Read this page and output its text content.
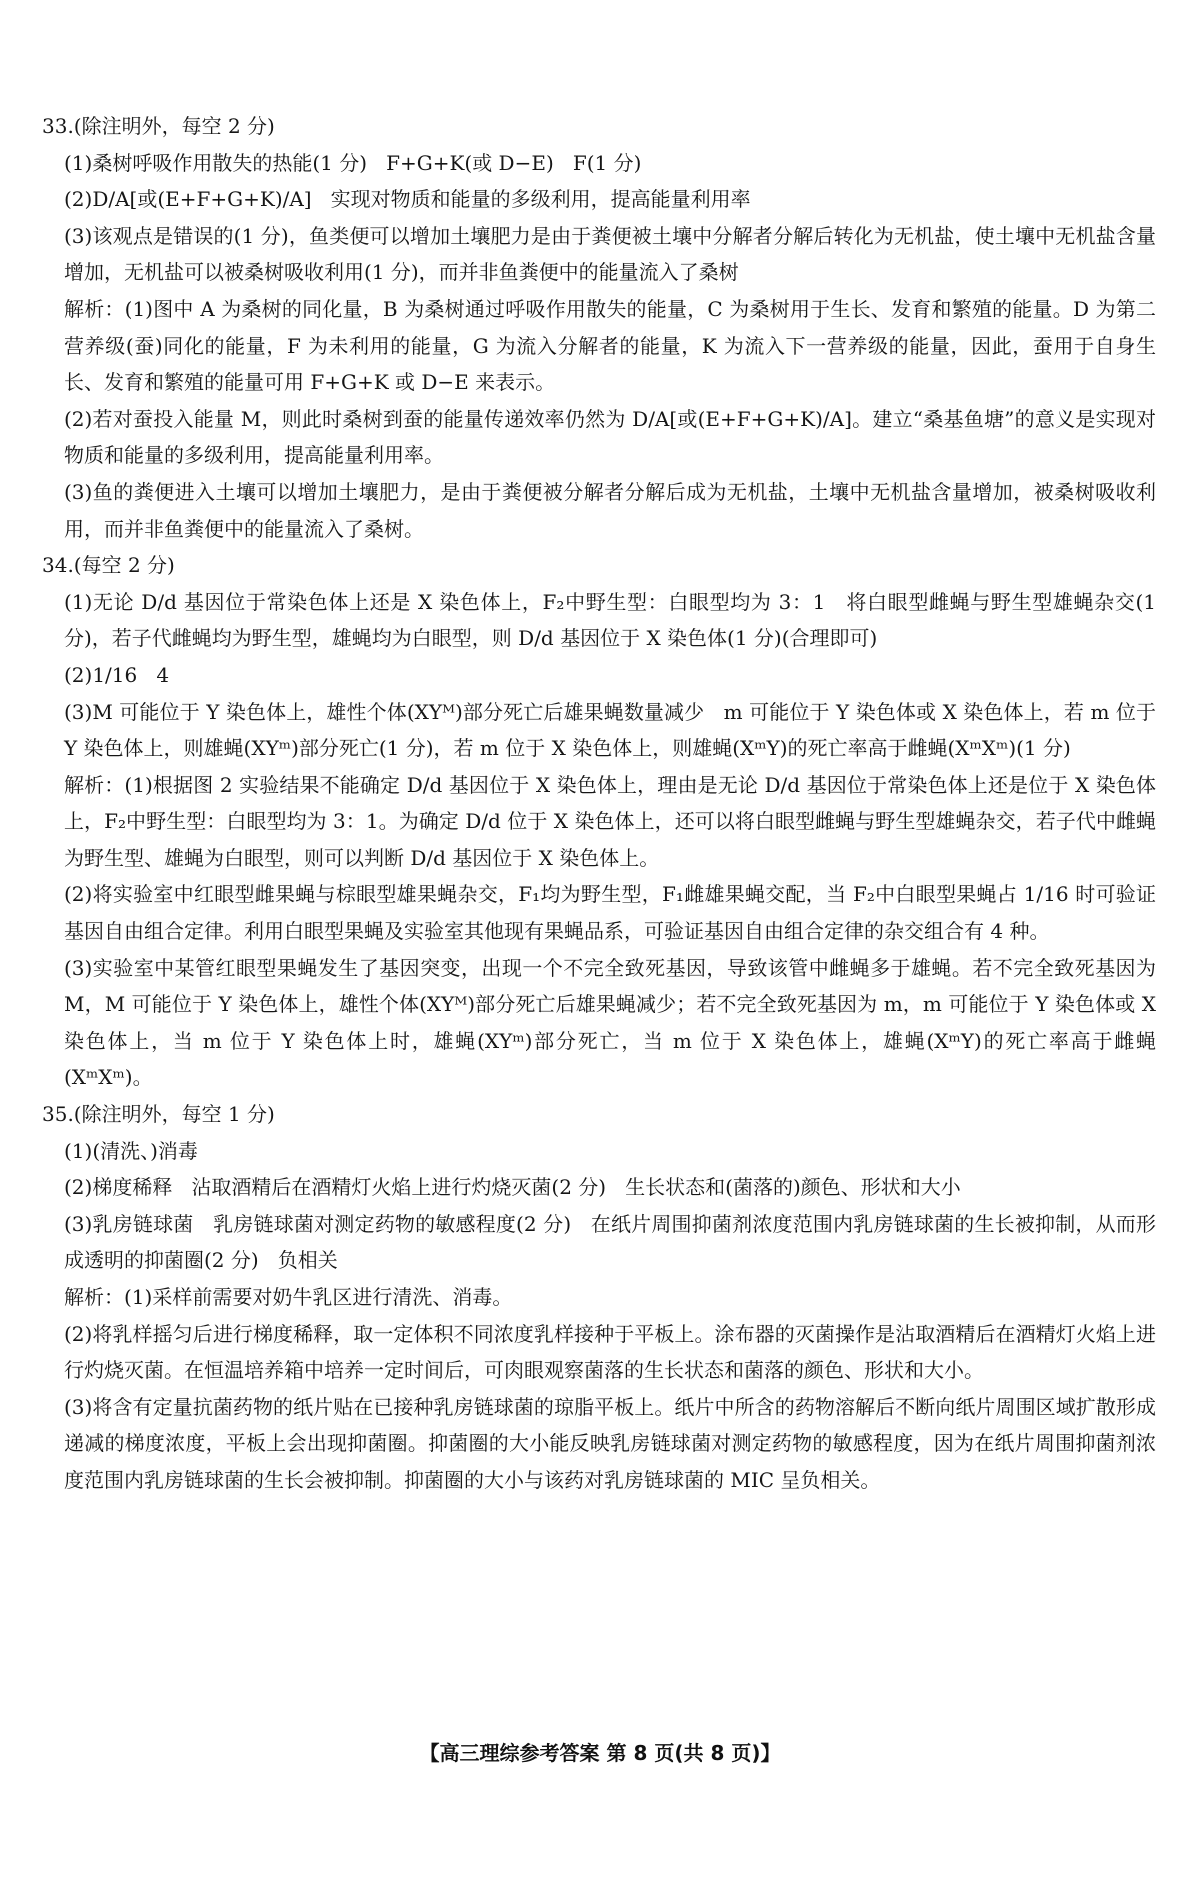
33.(除注明外，每空 2 分)

(1)桑树呼吸作用散失的热能(1 分)   F+G+K(或 D−E)   F(1 分)

(2)D/A[或(E+F+G+K)/A]   实现对物质和能量的多级利用，提高能量利用率

(3)该观点是错误的(1 分)，鱼类便可以增加土壤肥力是由于粪便被土壤中分解者分解后转化为无机盐，使土壤中无机盐含量增加，无机盐可以被桑树吸收利用(1 分)，而并非鱼粪便中的能量流入了桑树

解析：(1)图中 A 为桑树的同化量，B 为桑树通过呼吸作用散失的能量，C 为桑树用于生长、发育和繁殖的能量。D 为第二营养级(蚕)同化的能量，F 为未利用的能量，G 为流入分解者的能量，K 为流入下一营养级的能量，因此，蚕用于自身生长、发育和繁殖的能量可用 F+G+K 或 D−E 来表示。

(2)若对蚕投入能量 M，则此时桑树到蚕的能量传递效率仍然为 D/A[或(E+F+G+K)/A]。建立“桑基鱼塘”的意义是实现对物质和能量的多级利用，提高能量利用率。

(3)鱼的粪便进入土壤可以增加土壤肥力，是由于粪便被分解者分解后成为无机盐，土壤中无机盐含量增加，被桑树吸收利用，而并非鱼粪便中的能量流入了桑树。

34.(每空 2 分)

(1)无论 D/d 基因位于常染色体上还是 X 染色体上，F₂中野生型：白眼型均为 3：1   将白眼型雌蝇与野生型雄蝇杂交(1 分)，若子代雌蝇均为野生型，雄蝇均为白眼型，则 D/d 基因位于 X 染色体(1 分)(合理即可)

(2)1/16   4

(3)M 可能位于 Y 染色体上，雄性个体(XYᴹ)部分死亡后雄果蝇数量减少   m 可能位于 Y 染色体或 X 染色体上，若 m 位于 Y 染色体上，则雄蝇(XYᵐ)部分死亡(1 分)，若 m 位于 X 染色体上，则雄蝇(XᵐY)的死亡率高于雌蝇(XᵐXᵐ)(1 分)

解析：(1)根据图 2 实验结果不能确定 D/d 基因位于 X 染色体上，理由是无论 D/d 基因位于常染色体上还是位于 X 染色体上，F₂中野生型：白眼型均为 3：1。为确定 D/d 位于 X 染色体上，还可以将白眼型雌蝇与野生型雄蝇杂交，若子代中雌蝇为野生型、雄蝇为白眼型，则可以判断 D/d 基因位于 X 染色体上。

(2)将实验室中红眼型雌果蝇与棕眼型雄果蝇杂交，F₁均为野生型，F₁雌雄果蝇交配，当 F₂中白眼型果蝇占 1/16 时可验证基因自由组合定律。利用白眼型果蝇及实验室其他现有果蝇品系，可验证基因自由组合定律的杂交组合有 4 种。

(3)实验室中某管红眼型果蝇发生了基因突变，出现一个不完全致死基因，导致该管中雌蝇多于雄蝇。若不完全致死基因为 M，M 可能位于 Y 染色体上，雄性个体(XYᴹ)部分死亡后雄果蝇减少；若不完全致死基因为 m，m 可能位于 Y 染色体或 X 染色体上，当 m 位于 Y 染色体上时，雄蝇(XYᵐ)部分死亡，当 m 位于 X 染色体上，雄蝇(XᵐY)的死亡率高于雌蝇(XᵐXᵐ)。

35.(除注明外，每空 1 分)

(1)(清洗、)消毒

(2)梯度稀释   沾取酒精后在酒精灯火焰上进行灼烧灭菌(2 分)   生长状态和(菌落的)颜色、形状和大小

(3)乳房链球菌   乳房链球菌对测定药物的敏感程度(2 分)   在纸片周围抑菌剂浓度范围内乳房链球菌的生长被抑制，从而形成透明的抑菌圈(2 分)   负相关

解析：(1)采样前需要对奶牛乳区进行清洗、消毒。

(2)将乳样摇匀后进行梯度稀释，取一定体积不同浓度乳样接种于平板上。涂布器的灭菌操作是沾取酒精后在酒精灯火焰上进行灼烧灭菌。在恒温培养箱中培养一定时间后，可肉眼观察菌落的生长状态和菌落的颜色、形状和大小。

(3)将含有定量抗菌药物的纸片贴在已接种乳房链球菌的琼脂平板上。纸片中所含的药物溶解后不断向纸片周围区域扩散形成递减的梯度浓度，平板上会出现抑菌圈。抑菌圈的大小能反映乳房链球菌对测定药物的敏感程度，因为在纸片周围抑菌剂浓度范围内乳房链球菌的生长会被抑制。抑菌圈的大小与该药对乳房链球菌的 MIC 呈负相关。

【高三理综参考答案 第 8 页(共 8 页)】
